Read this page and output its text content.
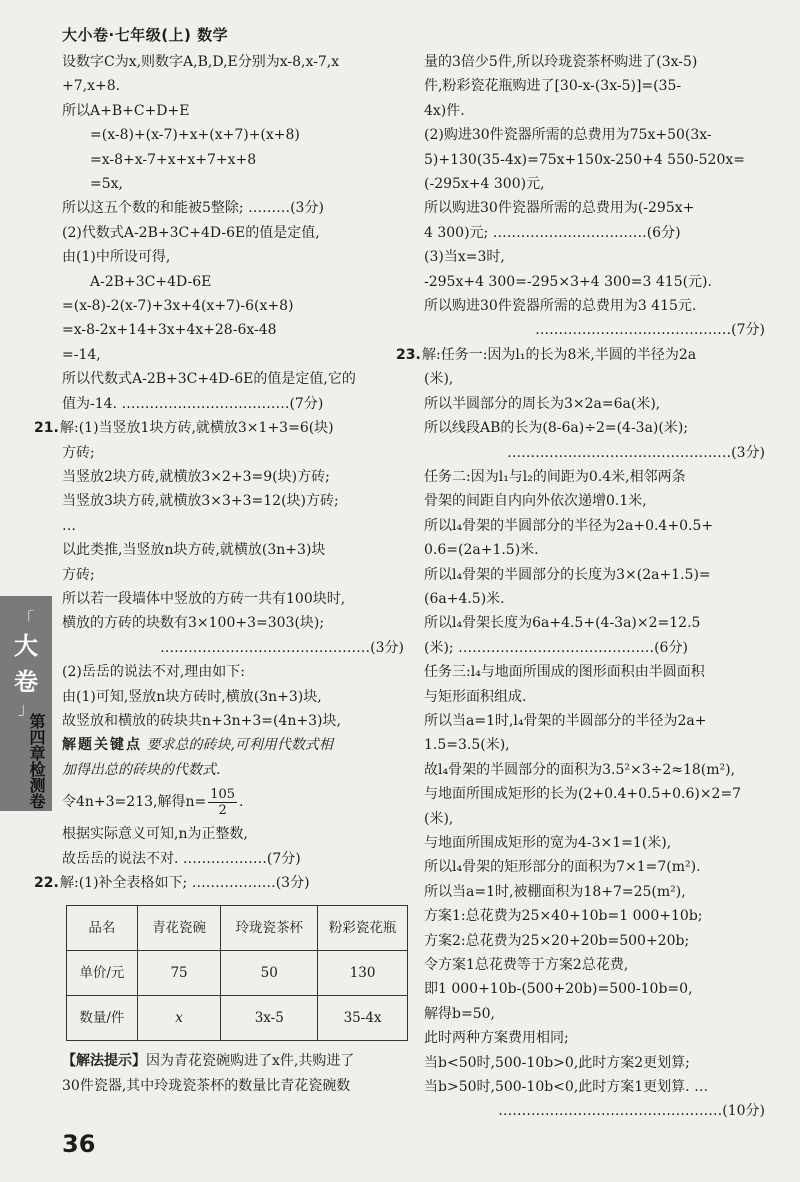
大小卷·七年级(上) 数学
设数字C为x,则数字A,B,D,E分别为x-8,x-7,x
+7,x+8.
所以A+B+C+D+E
=(x-8)+(x-7)+x+(x+7)+(x+8)
=x-8+x-7+x+x+7+x+8
=5x,
所以这五个数的和能被5整除; ………(3分)
(2)代数式A-2B+3C+4D-6E的值是定值,
由(1)中所设可得,
A-2B+3C+4D-6E
=(x-8)-2(x-7)+3x+4(x+7)-6(x+8)
=x-8-2x+14+3x+4x+28-6x-48
=-14,
所以代数式A-2B+3C+4D-6E的值是定值,它的
值为-14. ………………………………(7分)
21.解:(1)当竖放1块方砖,就横放3×1+3=6(块)
方砖;
当竖放2块方砖,就横放3×2+3=9(块)方砖;
当竖放3块方砖,就横放3×3+3=12(块)方砖;
…
以此类推,当竖放n块方砖,就横放(3n+3)块
方砖;
所以若一段墙体中竖放的方砖一共有100块时,
横放的方砖的块数有3×100+3=303(块);
………………………………………(3分)
(2)岳岳的说法不对,理由如下:
由(1)可知,竖放n块方砖时,横放(3n+3)块,
故竖放和横放的砖块共n+3n+3=(4n+3)块,
解题关键点 要求总的砖块,可利用代数式相
加得出总的砖块的代数式.
令4n+3=213,解得$n= \frac{105}{2}$ .
根据实际意义可知,n为正整数,
故岳岳的说法不对. ………………(7分)
22.解:(1)补全表格如下; ………………(3分)
品名	青花瓷碗	玲珑瓷茶杯	粉彩瓷花瓶
单价/元	75	50	130
数量/件	x	3x-5	35-4x
【解法提示】因为青花瓷碗购进了x件,共购进了
30件瓷器,其中玲珑瓷茶杯的数量比青花瓷碗数
量的3倍少5件,所以玲珑瓷茶杯购进了(3x-5)
件,粉彩瓷花瓶购进了[30-x-(3x-5)]=(35-
4x)件.
(2)购进30件瓷器所需的总费用为75x+50(3x-
5)+130(35-4x)=75x+150x-250+4 550-520x=
(-295x+4 300)元,
所以购进30件瓷器所需的总费用为(-295x+
4 300)元; ……………………………(6分)
(3)当x=3时,
-295x+4 300=-295×3+4 300=3 415(元).
所以购进30件瓷器所需的总费用为3 415元.
……………………………………(7分)
23.解:任务一:因为l₁的长为8米,半圆的半径为2a
(米),
所以半圆部分的周长为3×2a=6a(米),
所以线段AB的长为(8-6a)÷2=(4-3a)(米);
…………………………………………(3分)
任务二:因为l₁与l₂的间距为0.4米,相邻两条
骨架的间距自内向外依次递增0.1米,
所以l₄骨架的半圆部分的半径为2a+0.4+0.5+
0.6=(2a+1.5)米.
所以l₄骨架的半圆部分的长度为3×(2a+1.5)=
(6a+4.5)米.
所以l₄骨架长度为6a+4.5+(4-3a)×2=12.5
(米); ……………………………………(6分)
任务三:l₄与地面所围成的图形面积由半圆面积
与矩形面积组成.
所以当a=1时,l₄骨架的半圆部分的半径为2a+
1.5=3.5(米),
故l₄骨架的半圆部分的面积为3.5²×3÷2≈18(m²),
与地面所围成矩形的长为(2+0.4+0.5+0.6)×2=7
(米),
与地面所围成矩形的宽为4-3×1=1(米),
所以l₄骨架的矩形部分的面积为7×1=7(m²).
所以当a=1时,被棚面积为18+7=25(m²),
方案1:总花费为25×40+10b=1 000+10b;
方案2:总花费为25×20+20b=500+20b;
令方案1总花费等于方案2总花费,
即1 000+10b-(500+20b)=500-10b=0,
解得b=50,
此时两种方案费用相同;
当b<50时,500-10b>0,此时方案2更划算;
当b>50时,500-10b<0,此时方案1更划算. …
…………………………………………(10分)
「
大
卷
」
第四章检测卷
36
